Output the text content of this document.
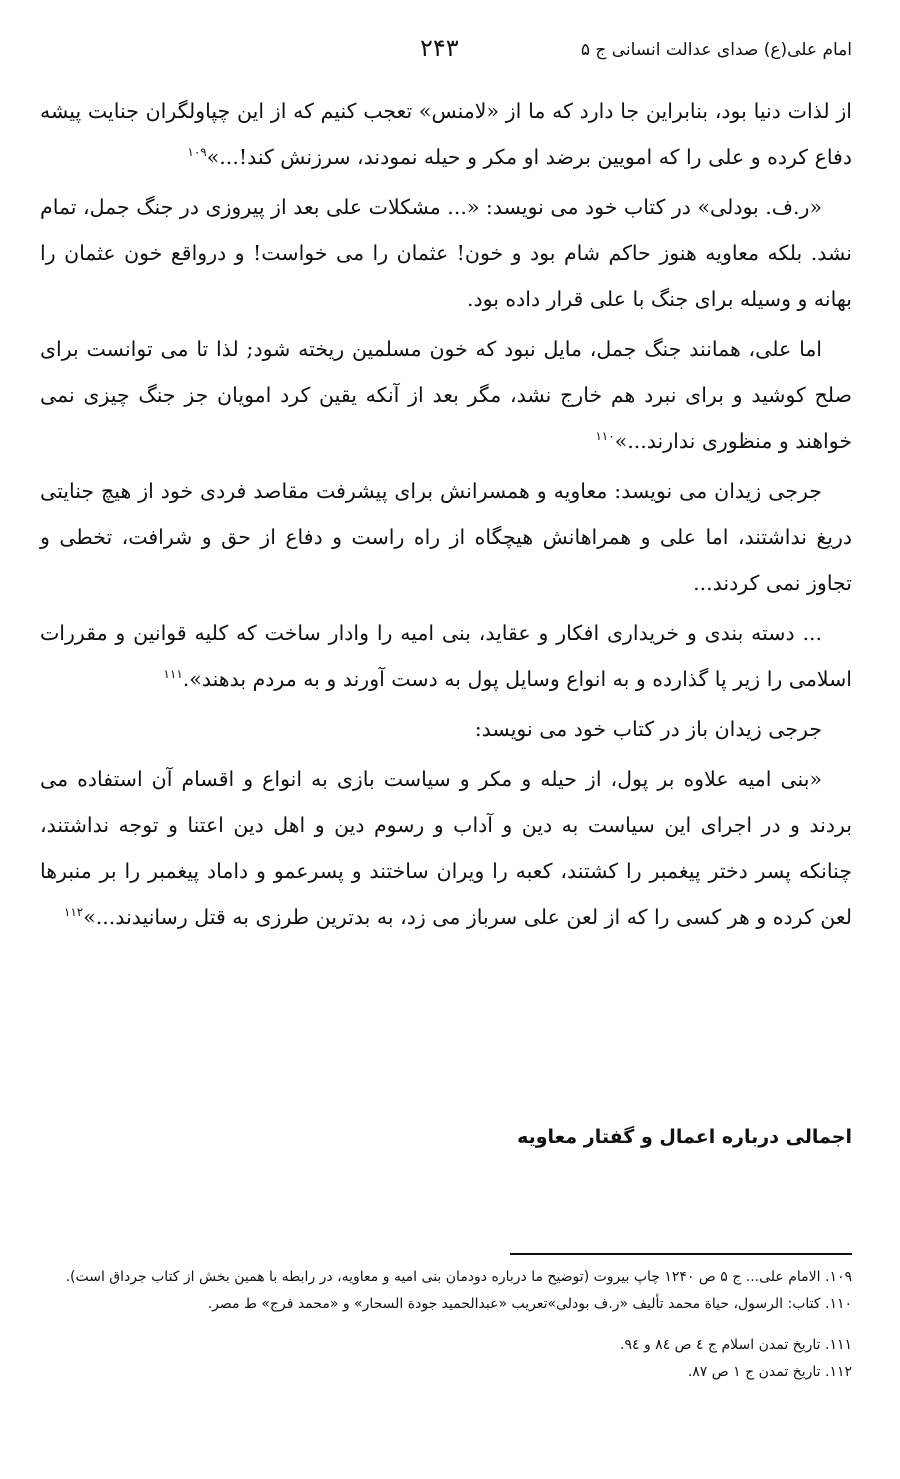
امام علی(ع) صدای عدالت انسانی ج ۵
۲۴۳

از لذات دنیا بود، بنابراین جا دارد که ما از «لامنس» تعجب کنیم که از این چپاولگران جنایت پیشه دفاع کرده و علی را که امویین برضد او مکر و حیله نمودند، سرزنش کند!...»$^{۱۰۹}$

«ر.ف. بودلی» در کتاب خود می نویسد: «... مشکلات علی بعد از پیروزی در جنگ جمل، تمام نشد. بلکه معاویه هنوز حاکم شام بود و خون! عثمان را می خواست! و درواقع خون عثمان را بهانه و وسیله برای جنگ با علی قرار داده بود.

اما علی، همانند جنگ جمل، مایل نبود که خون مسلمین ریخته شود; لذا تا می توانست برای صلح کوشید و برای نبرد هم خارج نشد، مگر بعد از آنکه یقین کرد امویان جز جنگ چیزی نمی خواهند و منظوری ندارند...»$^{۱۱۰}$

جرجی زیدان می نویسد: معاویه و همسرانش برای پیشرفت مقاصد فردی خود از هیچ جنایتی دریغ نداشتند، اما علی و همراهانش هیچگاه از راه راست و دفاع از حق و شرافت، تخطی و تجاوز نمی کردند...

... دسته بندی و خریداری افکار و عقاید، بنی امیه را وادار ساخت که کلیه قوانین و مقررات اسلامی را زیر پا گذارده و به انواع وسایل پول به دست آورند و به مردم بدهند».$^{۱۱۱}$

جرجی زیدان باز در کتاب خود می نویسد:

«بنی امیه علاوه بر پول، از حیله و مکر و سیاست بازی به انواع و اقسام آن استفاده می بردند و در اجرای این سیاست به دین و آداب و رسوم دین و اهل دین اعتنا و توجه نداشتند، چنانکه پسر دختر پیغمبر را کشتند، کعبه را ویران ساختند و پسرعمو و داماد پیغمبر را بر منبرها لعن کرده و هر کسی را که از لعن علی سرباز می زد، به بدترین طرزی به قتل رسانیدند...»$^{۱۱۲}$

اجمالی درباره اعمال و گفتار معاویه
۱۰۹. الامام علی... ج ۵ ص ۱۲۴۰ چاپ بیروت (توضیح ما درباره دودمان بنی امیه و معاویه، در رابطه با همین بخش از کتاب جرداق است).
۱۱۰. کتاب: الرسول، حیاة محمد تألیف «ر.ف بودلی»تعریب «عبدالحمید جودة السحار» و «محمد فرج» ط مصر.
۱۱۱. تاریخ تمدن اسلام ج ٤ ص ۸٤ و ۹٤.
۱۱۲. تاریخ تمدن ج ۱ ص ۸۷.
